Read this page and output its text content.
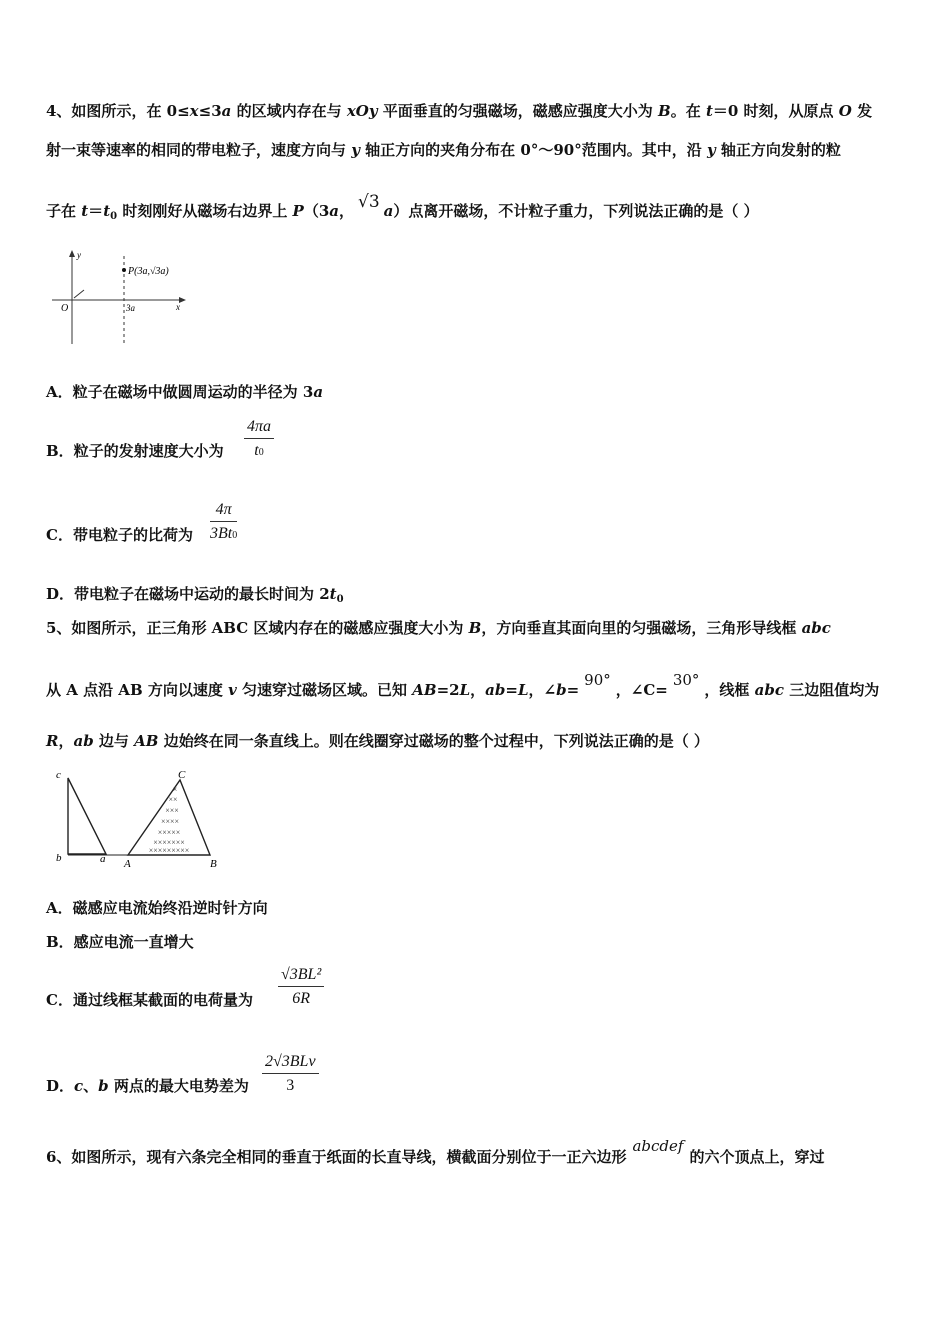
4、如图所示，在 0≤x≤3a 的区域内存在与 xOy 平面垂直的匀强磁场，磁感应强度大小为 B。在 t＝0 时刻，从原点 O 发
射一束等速率的相同的带电粒子，速度方向与 y 轴正方向的夹角分布在 0°～90°范围内。其中，沿 y 轴正方向发射的粒
子在 $t=t_0$ 时刻刚好从磁场右边界上 P（3a， √3 a）点离开磁场，不计粒子重力，下列说法正确的是（ ）
y
x
O	3a
P(3a,√3a)
A．粒子在磁场中做圆周运动的半径为 3a
B．粒子的发射速度大小为 $\frac{4\pi a}{t0}$
C．带电粒子的比荷为 $\frac{4\pi}{3Bt0}$
D．带电粒子在磁场中运动的最长时间为 $2t_0$
5、如图所示，正三角形 ABC 区域内存在的磁感应强度大小为 B，方向垂直其面向里的匀强磁场，三角形导线框 abc
从 A 点沿 AB 方向以速度 v 匀速穿过磁场区域。已知 AB=2L，ab=L，∠b=90°，∠C=30°，线框 abc 三边阻值均为
R，ab 边与 AB 边始终在同一条直线上。则在线圈穿过磁场的整个过程中，下列说法正确的是（ ）
×
××
×××
××××
×××××
×××××××
×××××××××
c
b	a A	B
C
A．磁感应电流始终沿逆时针方向
B．感应电流一直增大
C．通过线框某截面的电荷量为 $\frac{\text{√3BL²}}{6R}$
D．c、b 两点的最大电势差为
2√3BLv
3
6、如图所示，现有六条完全相同的垂直于纸面的长直导线，横截面分别位于一正六边形abcdef的六个顶点上，穿过
